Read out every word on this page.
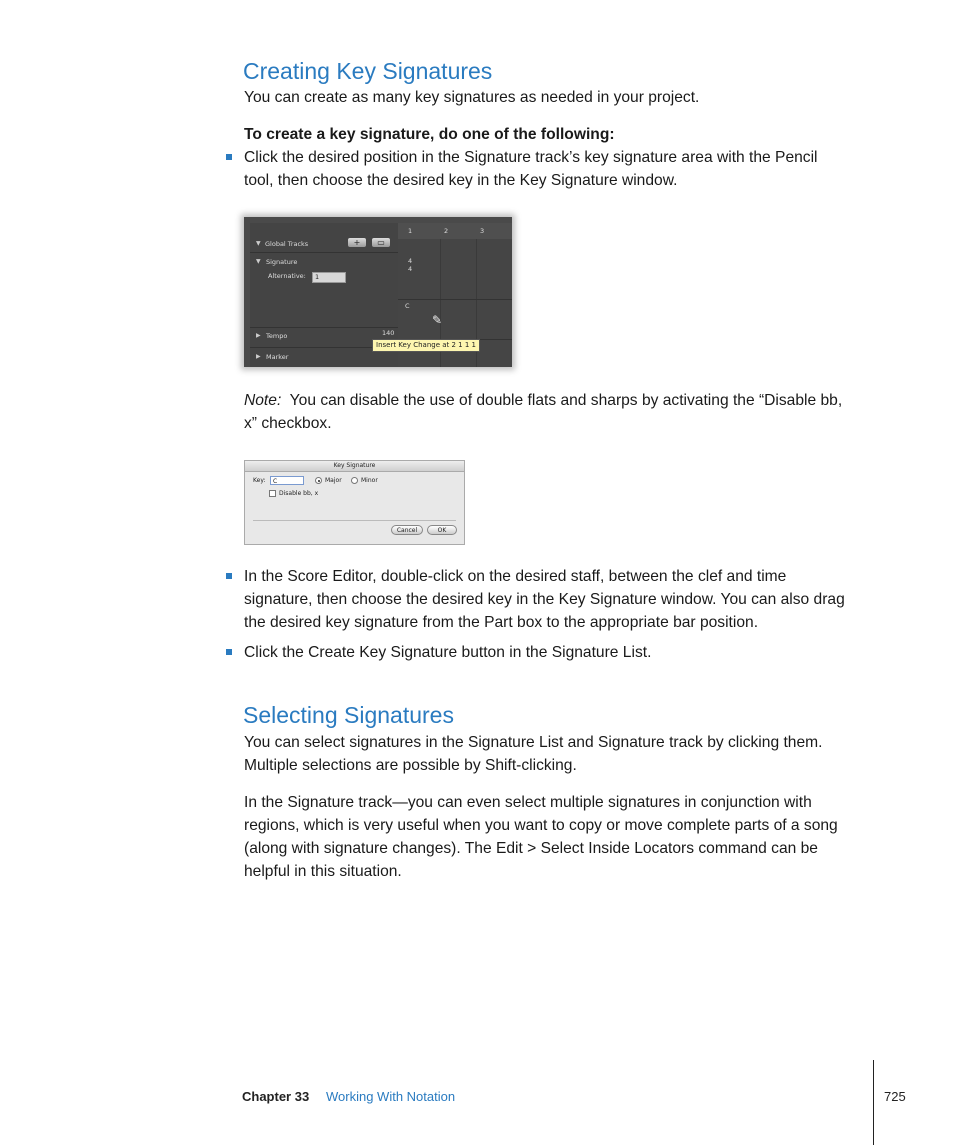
Creating Key Signatures

You can create as many key signatures as needed in your project.

To create a key signature, do one of the following:

Click the desired position in the Signature track’s key signature area with the Pencil

tool, then choose the desired key in the Key Signature window.

▼ Global Tracks	+	▭
▼ Signature
Alternative:	1
▶ Tempo	140
▶ Marker
1	2	3
4
4
C
✎
Insert Key Change at 2 1 1 1

Note: You can disable the use of double flats and sharps by activating the “Disable bb,

x” checkbox.

Key Signature
Key:	C	Major	Minor
Disable bb, x
Cancel	OK

In the Score Editor, double-click on the desired staff, between the clef and time

signature, then choose the desired key in the Key Signature window. You can also drag

the desired key signature from the Part box to the appropriate bar position.

Click the Create Key Signature button in the Signature List.

Selecting Signatures

You can select signatures in the Signature List and Signature track by clicking them.

Multiple selections are possible by Shift-clicking.

In the Signature track—you can even select multiple signatures in conjunction with

regions, which is very useful when you want to copy or move complete parts of a song

(along with signature changes). The Edit > Select Inside Locators command can be

helpful in this situation.

Chapter 33 Working With Notation	725
